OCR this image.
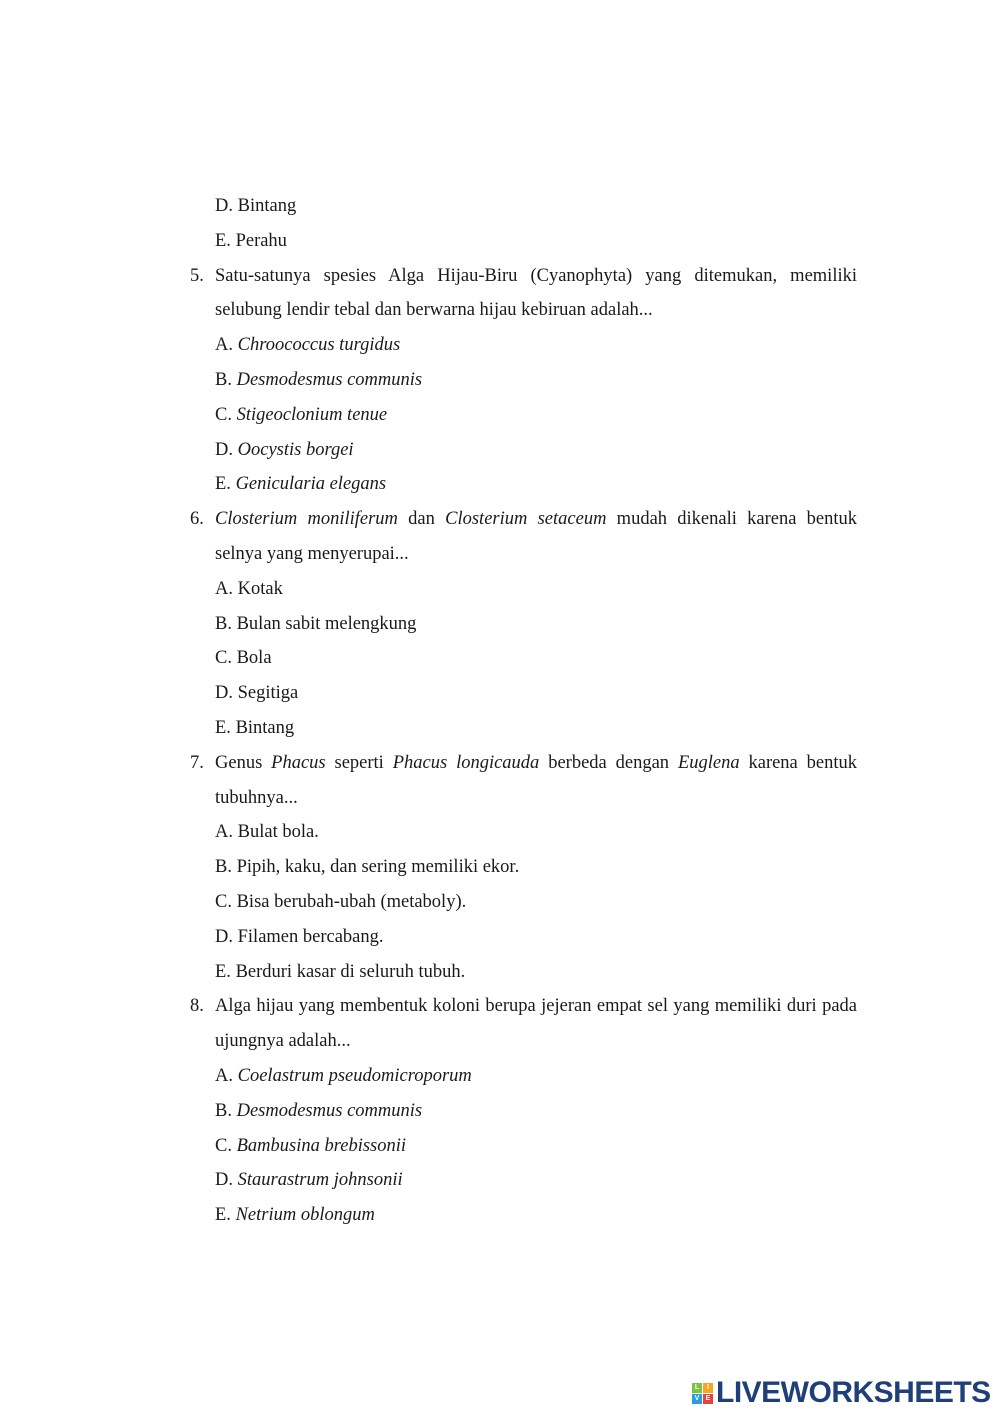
D. Bintang
E. Perahu
5. Satu-satunya spesies Alga Hijau-Biru (Cyanophyta) yang ditemukan, memiliki selubung lendir tebal dan berwarna hijau kebiruan adalah...
A. Chroococcus turgidus
B. Desmodesmus communis
C. Stigeoclonium tenue
D. Oocystis borgei
E. Genicularia elegans
6. Closterium moniliferum dan Closterium setaceum mudah dikenali karena bentuk selnya yang menyerupai...
A. Kotak
B. Bulan sabit melengkung
C. Bola
D. Segitiga
E. Bintang
7. Genus Phacus seperti Phacus longicauda berbeda dengan Euglena karena bentuk tubuhnya...
A. Bulat bola.
B. Pipih, kaku, dan sering memiliki ekor.
C. Bisa berubah-ubah (metaboly).
D. Filamen bercabang.
E. Berduri kasar di seluruh tubuh.
8. Alga hijau yang membentuk koloni berupa jejeran empat sel yang memiliki duri pada ujungnya adalah...
A. Coelastrum pseudomicroporum
B. Desmodesmus communis
C. Bambusina brebissonii
D. Staurastrum johnsonii
E. Netrium oblongum
L	I
V E LIVEWORKSHEETS
